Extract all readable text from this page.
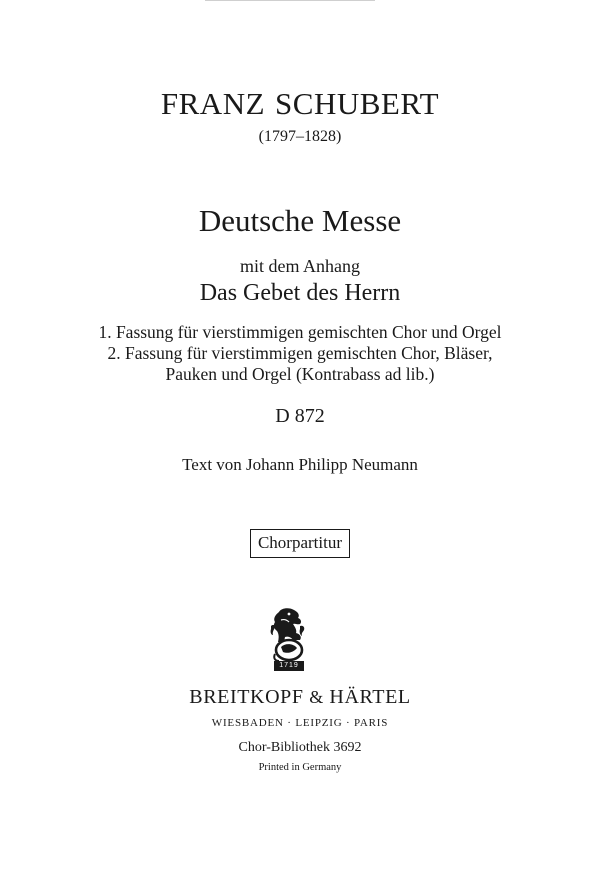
FRANZ SCHUBERT
(1797–1828)
Deutsche Messe
mit dem Anhang
Das Gebet des Herrn
1. Fassung für vierstimmigen gemischten Chor und Orgel
2. Fassung für vierstimmigen gemischten Chor, Bläser,
Pauken und Orgel (Kontrabass ad lib.)
D 872
Text von Johann Philipp Neumann
Chorpartitur
1719
BREITKOPF & HÄRTEL
WIESBADEN · LEIPZIG · PARIS
Chor-Bibliothek 3692
Printed in Germany
